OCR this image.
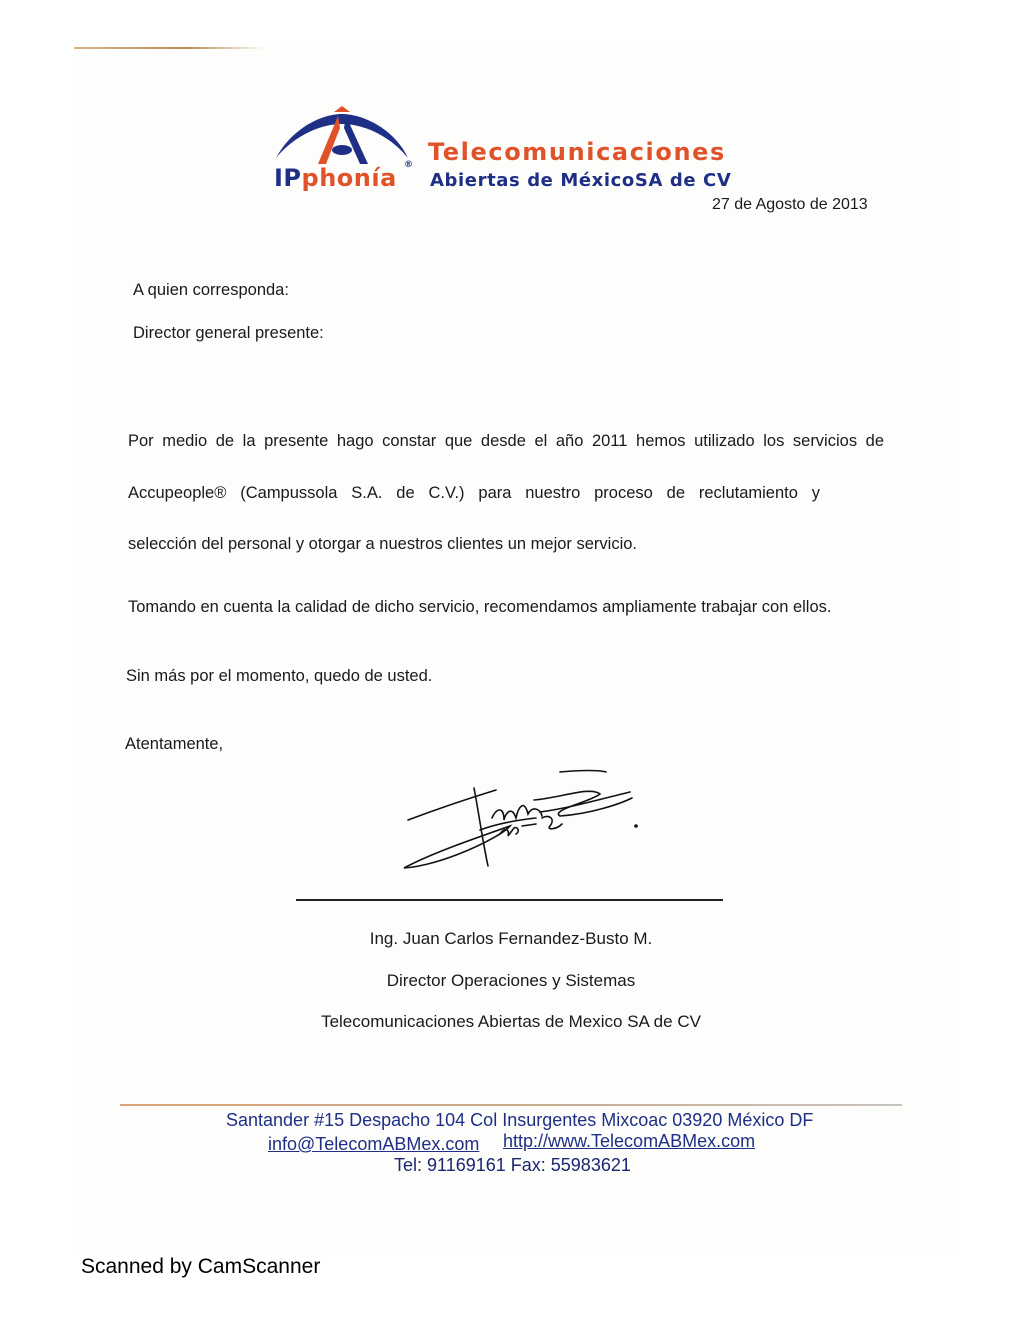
IPphonía ® Telecomunicaciones
Abiertas de MéxicoSA de CV
27 de Agosto de 2013
A quien corresponda:
Director general presente:
Por medio de la presente hago constar que desde el año 2011 hemos utilizado los servicios de
Accupeople® (Campussola S.A. de C.V.) para nuestro proceso de reclutamiento y
selección del personal y otorgar a nuestros clientes un mejor servicio.
Tomando en cuenta la calidad de dicho servicio, recomendamos ampliamente trabajar con ellos.
Sin más por el momento, quedo de usted.
Atentamente,
Ing. Juan Carlos Fernandez-Busto M.
Director Operaciones y Sistemas
Telecomunicaciones Abiertas de Mexico SA de CV
Santander #15 Despacho 104 Col Insurgentes Mixcoac 03920 México DF
info@TelecomABMex.com http://www.TelecomABMex.com
Tel: 91169161 Fax: 55983621
Scanned by CamScanner
